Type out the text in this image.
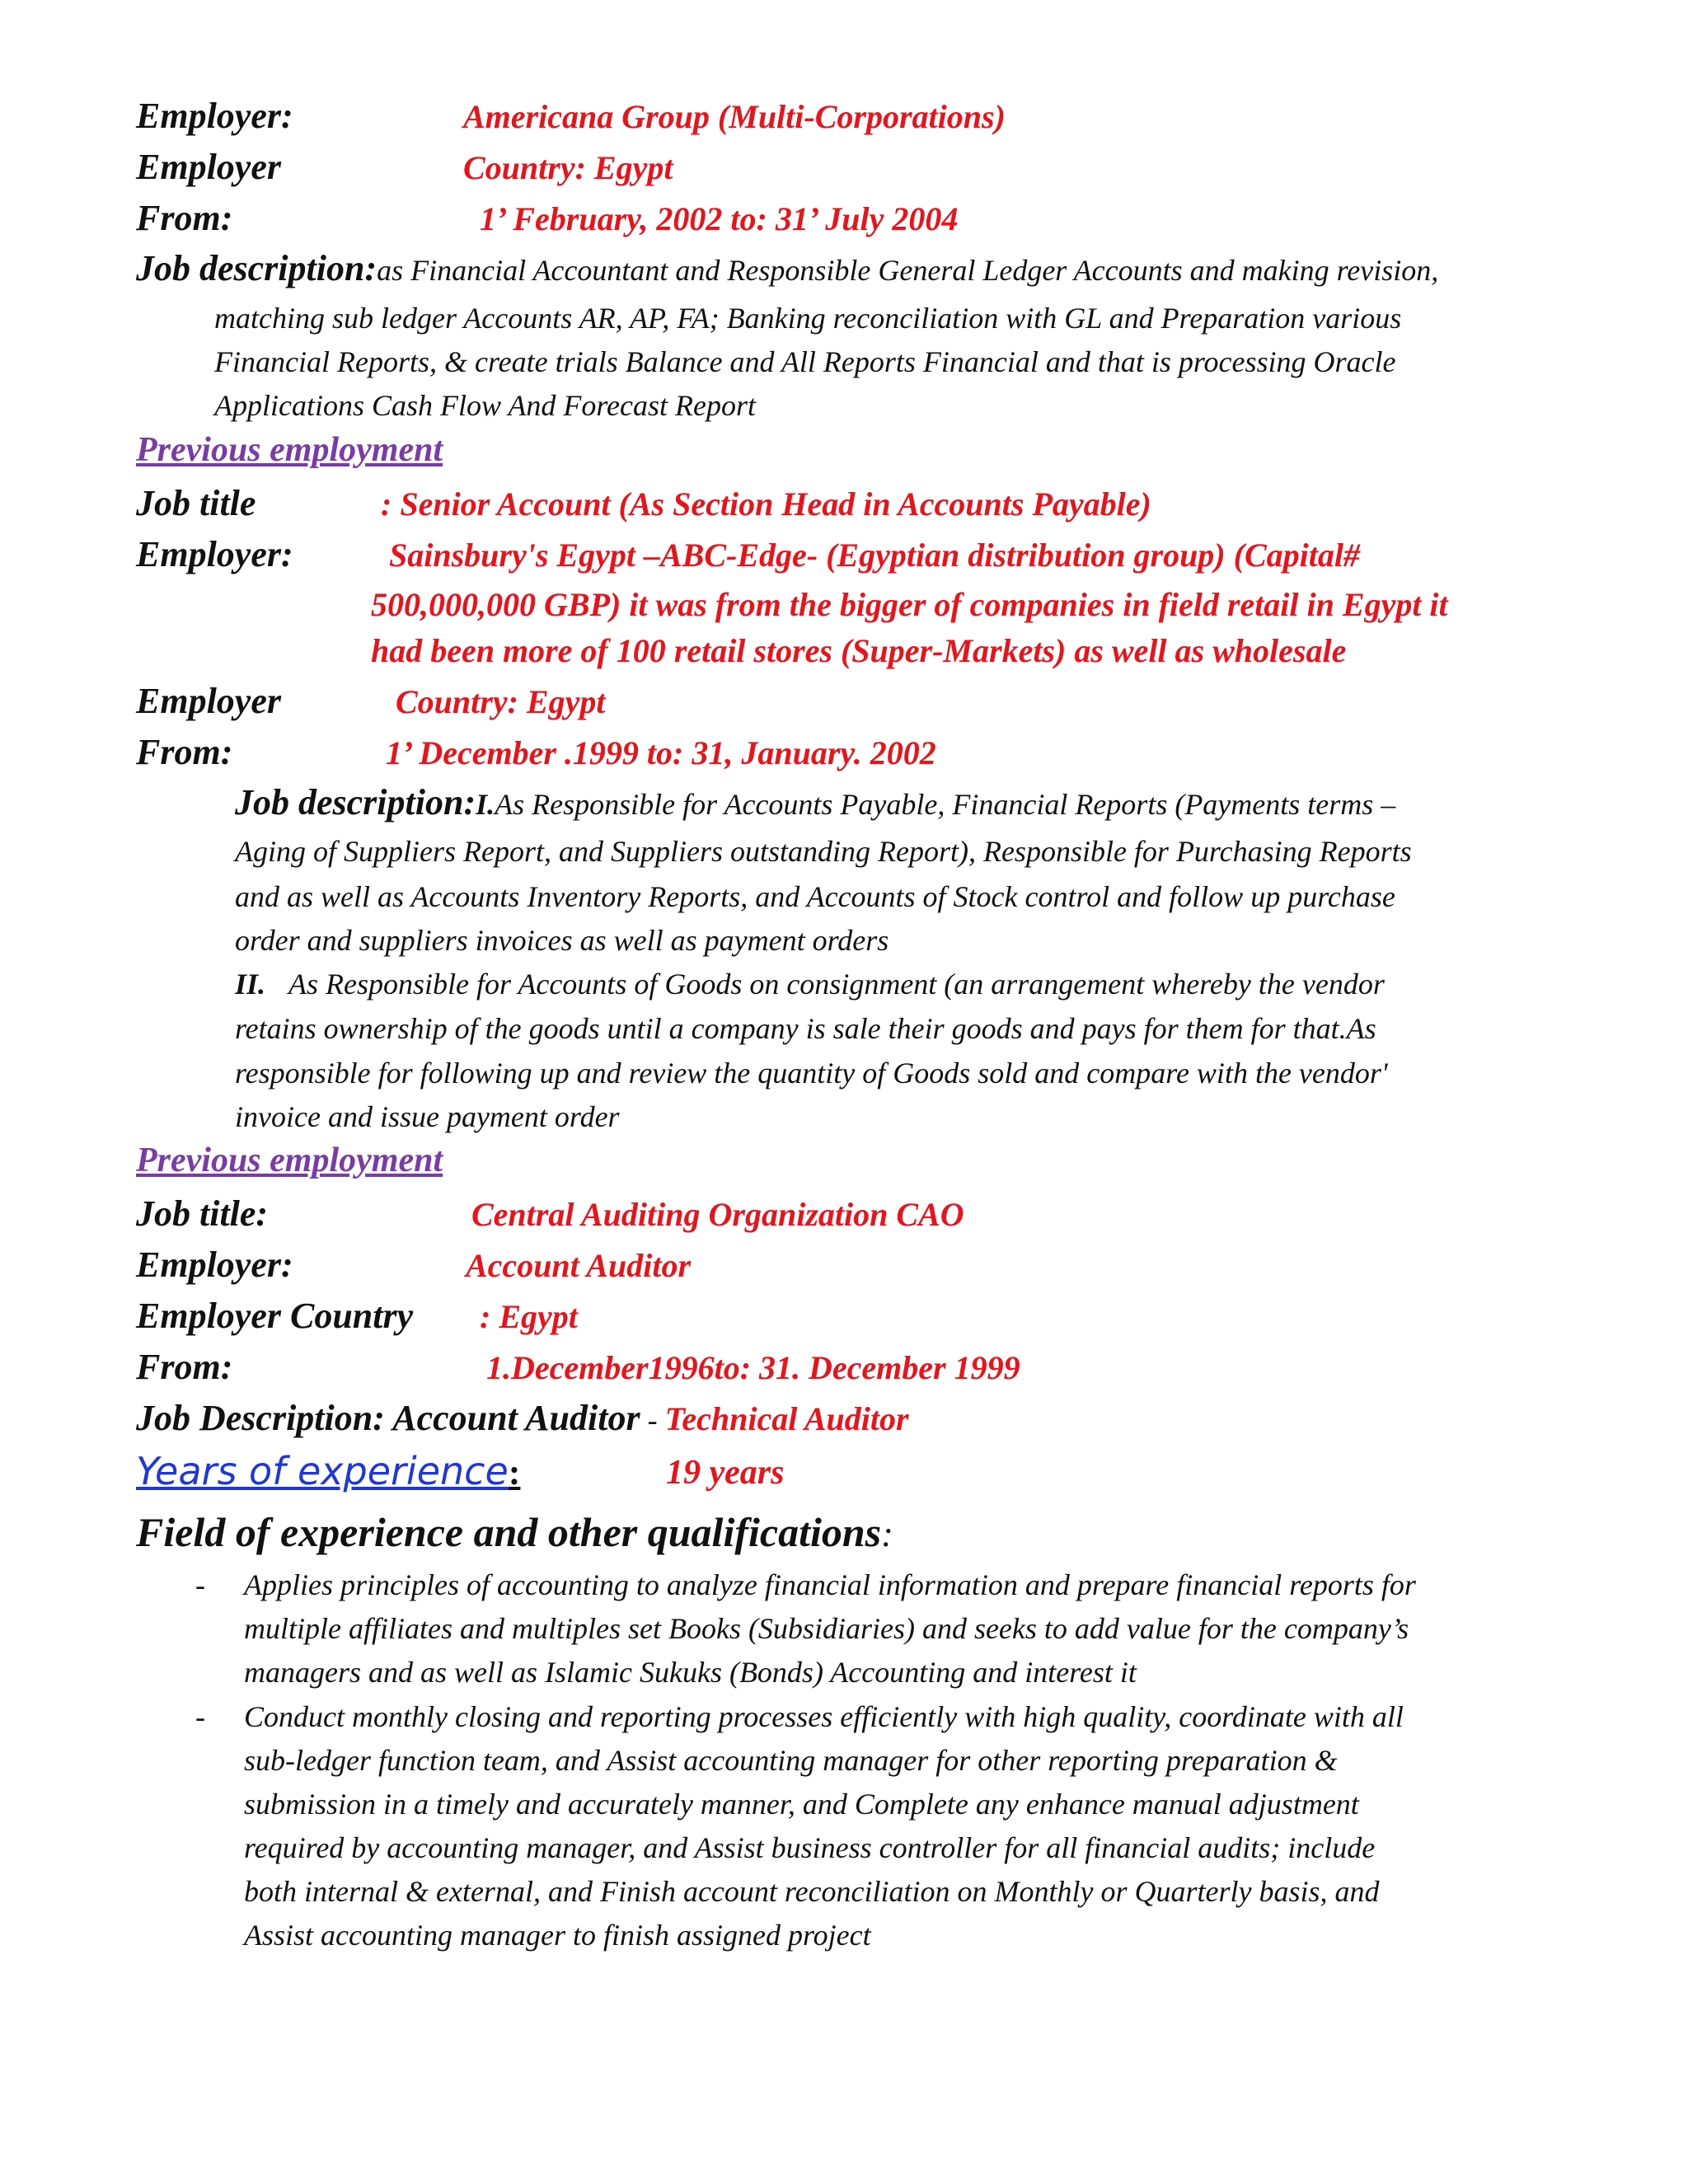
Employer:	Americana Group (Multi-Corporations)
Employer	Country: Egypt
From:	1’ February, 2002 to: 31’ July 2004
Job description:as Financial Accountant and Responsible General Ledger Accounts and making revision,
matching sub ledger Accounts AR, AP, FA; Banking reconciliation with GL and Preparation various
Financial Reports, & create trials Balance and All Reports Financial and that is processing Oracle
Applications Cash Flow And Forecast Report
Previous employment
Job title	: Senior Account (As Section Head in Accounts Payable)
Employer:	Sainsbury's Egypt –ABC-Edge- (Egyptian distribution group) (Capital#
500,000,000 GBP) it was from the bigger of companies in field retail in Egypt it
had been more of 100 retail stores (Super-Markets) as well as wholesale
Employer	Country: Egypt
From:	1’ December .1999 to: 31, January. 2002
Job description:I.As Responsible for Accounts Payable, Financial Reports (Payments terms –
Aging of Suppliers Report, and Suppliers outstanding Report), Responsible for Purchasing Reports
and as well as Accounts Inventory Reports, and Accounts of Stock control and follow up purchase
order and suppliers invoices as well as payment orders
II. As Responsible for Accounts of Goods on consignment (an arrangement whereby the vendor
retains ownership of the goods until a company is sale their goods and pays for them for that.As
responsible for following up and review the quantity of Goods sold and compare with the vendor'
invoice and issue payment order
Previous employment
Job title:	Central Auditing Organization CAO
Employer:	Account Auditor
Employer Country : Egypt
From:	1.December1996to: 31. December 1999
Job Description: Account Auditor - Technical Auditor
Years of experience:	19 years
Field of experience and other qualifications:
- Applies principles of accounting to analyze financial information and prepare financial reports for
multiple affiliates and multiples set Books (Subsidiaries) and seeks to add value for the company’s
managers and as well as Islamic Sukuks (Bonds) Accounting and interest it
- Conduct monthly closing and reporting processes efficiently with high quality, coordinate with all
sub-ledger function team, and Assist accounting manager for other reporting preparation &
submission in a timely and accurately manner, and Complete any enhance manual adjustment
required by accounting manager, and Assist business controller for all financial audits; include
both internal & external, and Finish account reconciliation on Monthly or Quarterly basis, and
Assist accounting manager to finish assigned project
